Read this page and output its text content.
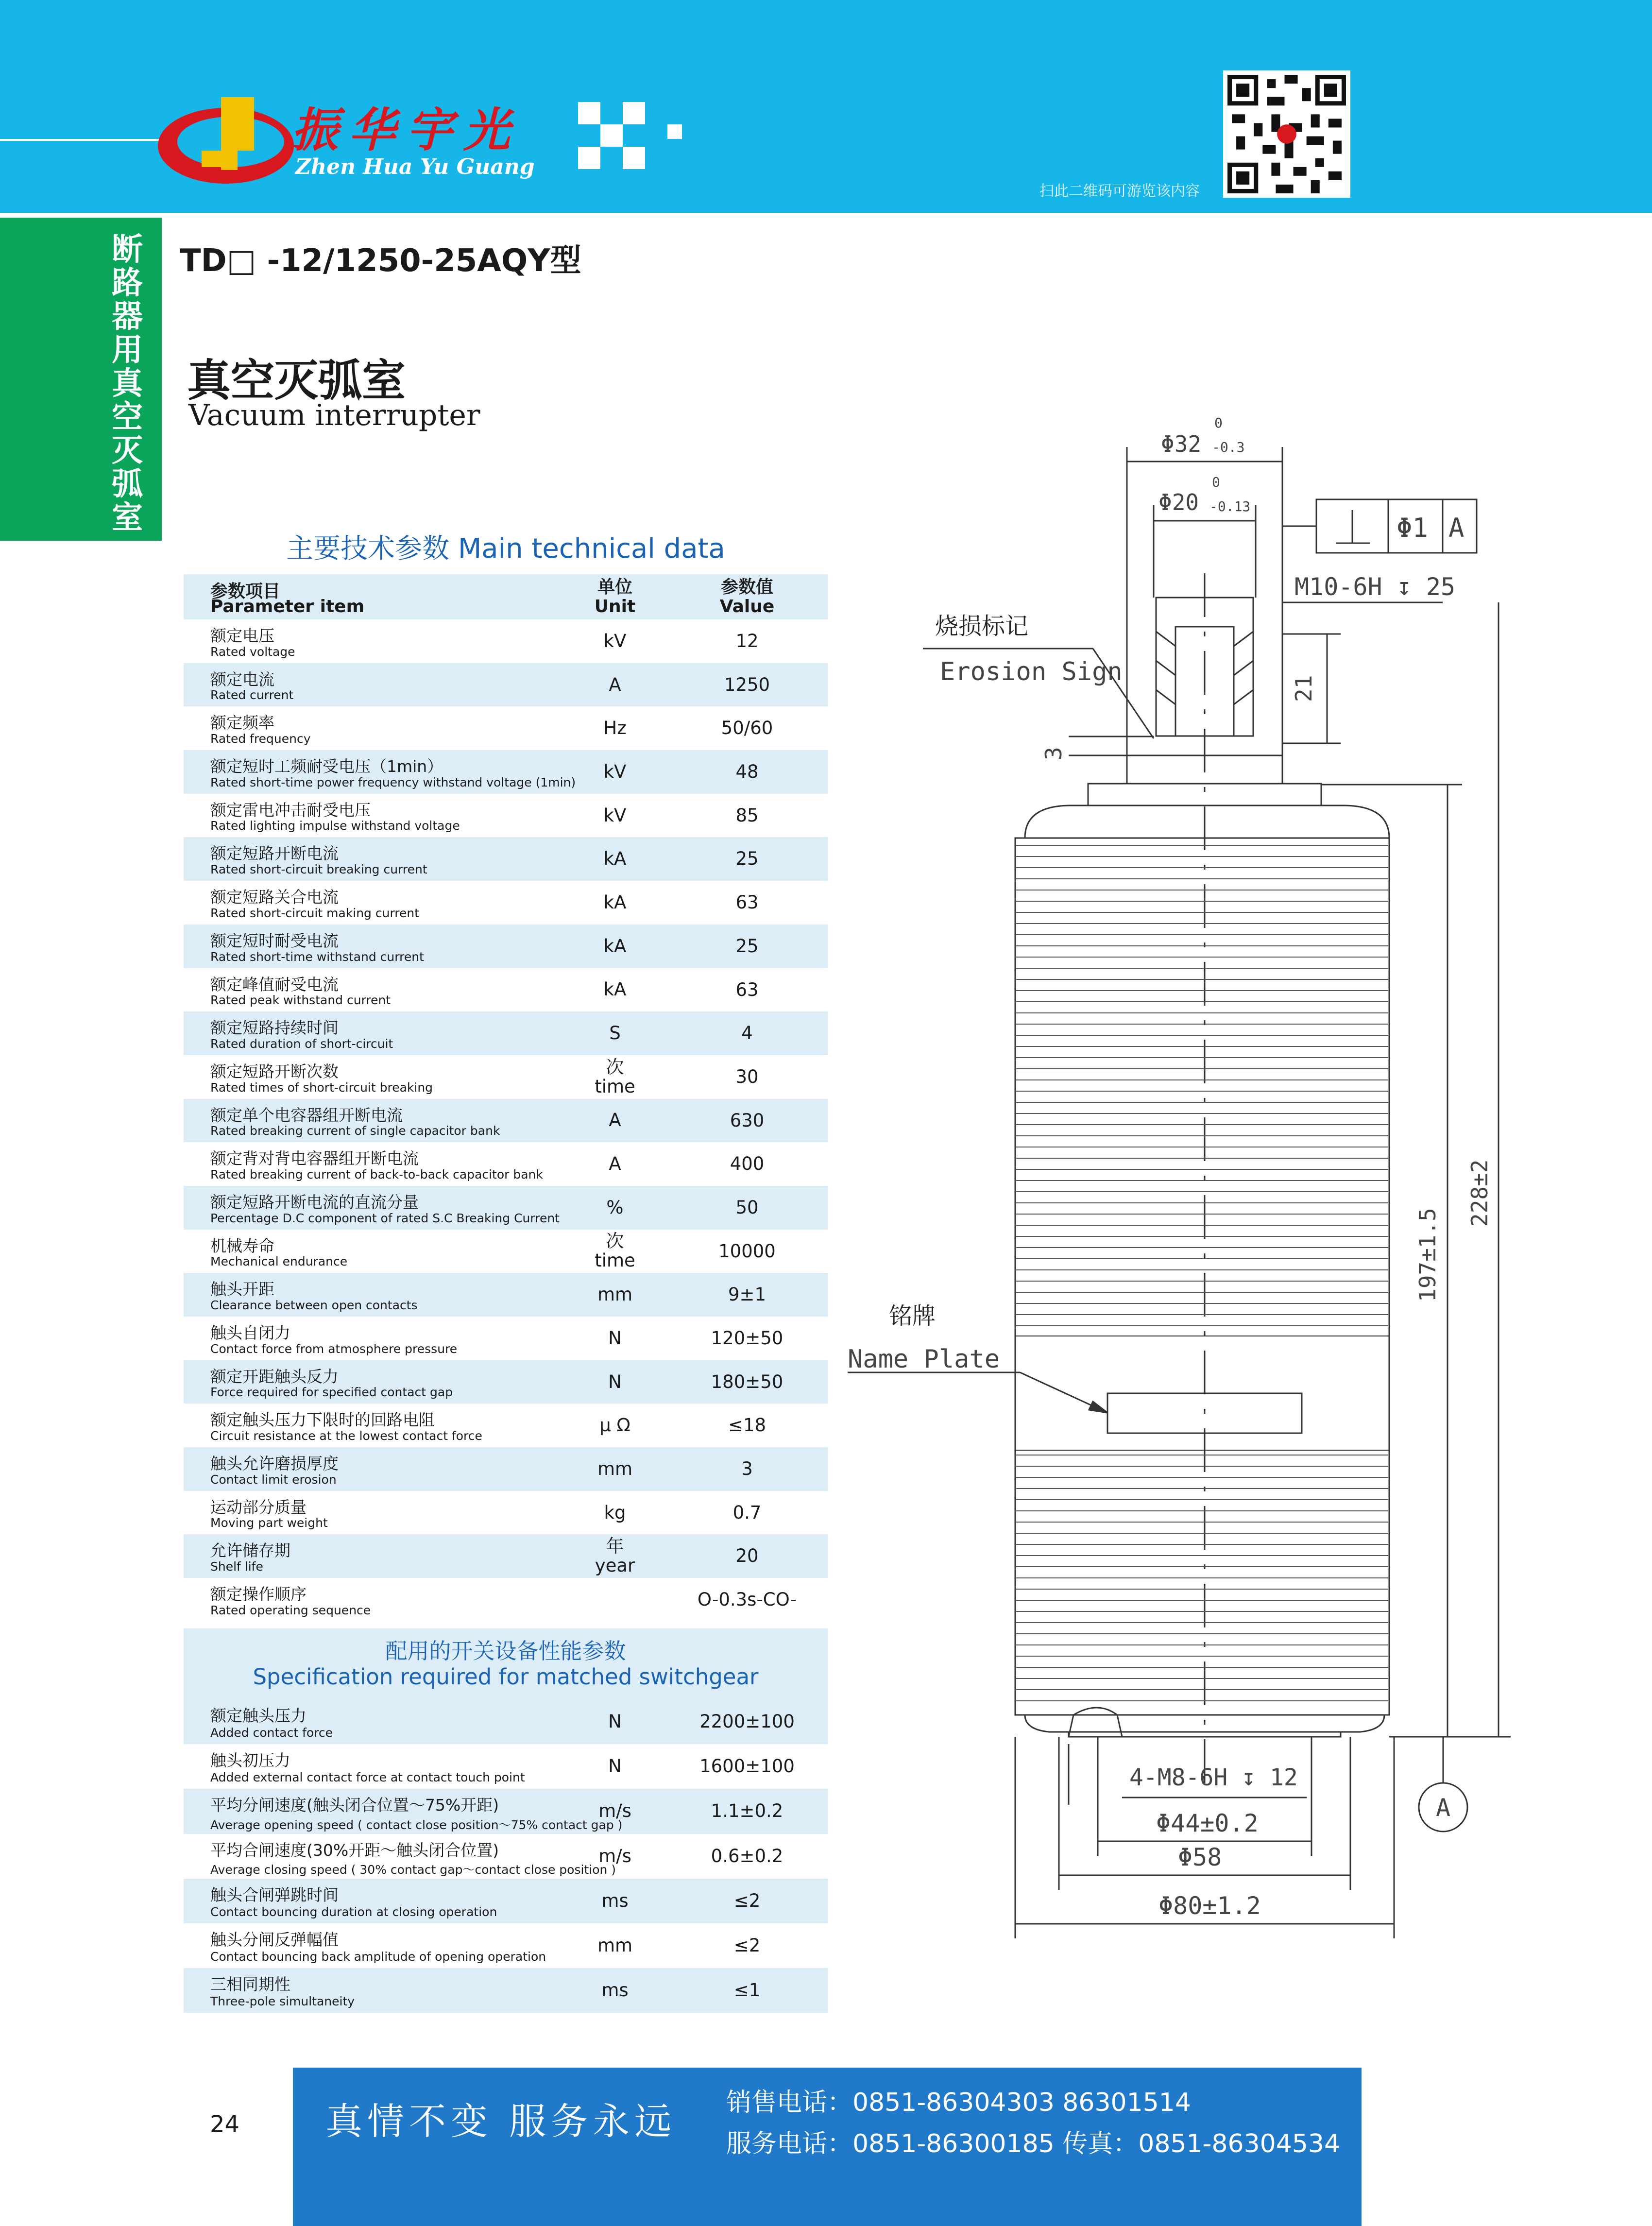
振华宇光
Zhen Hua Yu Guang
扫此二维码可游览该内容
断路器用真空灭弧室
TD□ -12/1250-25AQY型
真空灭弧室
Vacuum interrupter
主要技术参数 Main technical data
参数项目
Parameter item
单位
Unit
参数值
Value
额定电压
Rated voltage
kV	12
额定电流
Rated current
A	1250
额定频率
Rated frequency
Hz	50/60
额定短时工频耐受电压（1min）
Rated short-time power frequency withstand voltage (1min)
kV	48
额定雷电冲击耐受电压
Rated lighting impulse withstand voltage
kV	85
额定短路开断电流
Rated short-circuit breaking current
kA	25
额定短路关合电流
Rated short-circuit making current
kA	63
额定短时耐受电流
Rated short-time withstand current
kA	25
额定峰值耐受电流
Rated peak withstand current
kA	63
额定短路持续时间
Rated duration of short-circuit
S	4
额定短路开断次数
Rated times of short-circuit breaking
次
time	30
额定单个电容器组开断电流
Rated breaking current of single capacitor bank
A	630
额定背对背电容器组开断电流
Rated breaking current of back-to-back capacitor bank
A	400
额定短路开断电流的直流分量
Percentage D.C component of rated S.C Breaking Current
%	50
机械寿命
Mechanical endurance
次
time	10000
触头开距
Clearance between open contacts
mm	9±1
触头自闭力
Contact force from atmosphere pressure
N	120±50
额定开距触头反力
Force required for specified contact gap
N	180±50
额定触头压力下限时的回路电阻
Circuit resistance at the lowest contact force
μ Ω	≤18
触头允许磨损厚度
Contact limit erosion
mm	3
运动部分质量
Moving part weight
kg	0.7
允许储存期
Shelf life
年
year	20
额定操作顺序
Rated operating sequence
O-0.3s-CO-
配用的开关设备性能参数
Specification required for matched switchgear
额定触头压力
Added contact force
N	2200±100
触头初压力
Added external contact force at contact touch point
N	1600±100
平均分闸速度(触头闭合位置～75%开距)
Average opening speed ( contact close position～75% contact gap )
m/s	1.1±0.2
平均合闸速度(30%开距～触头闭合位置)
Average closing speed ( 30% contact gap～contact close position )
m/s	0.6±0.2
触头合闸弹跳时间
Contact bouncing duration at closing operation
ms	≤2
触头分闸反弹幅值
Contact bouncing back amplitude of opening operation
mm	≤2
三相同期性
Three-pole simultaneity
ms	≤1
Φ32
0
-0.3
Φ20
0
-0.13
Φ1 A
M10-6H ↧ 25
烧损标记
Erosion Sign
21
3
铭牌
Name Plate
197±1.5
228±2
4-M8-6H ↧ 12
Φ44±0.2
Φ58
Φ80±1.2
A
24 真情不变 服务永远 销售电话：0851-86304303 86301514
服务电话：0851-86300185 传真：0851-86304534
